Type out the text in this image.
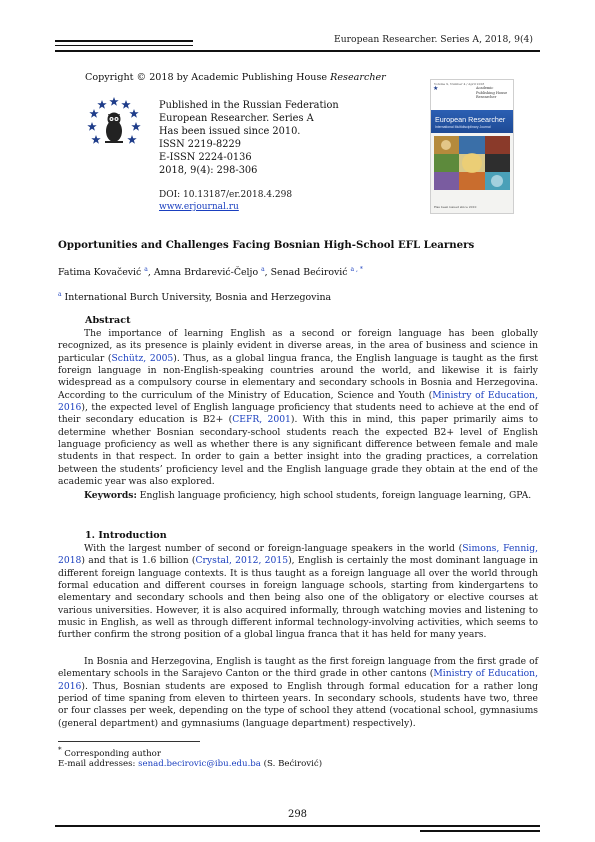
European Researcher. Series A, 2018, 9(4)
Copyright © 2018 by Academic Publishing House Researcher
Published in the Russian Federation
European Researcher. Series A
Has been issued since 2010.
ISSN 2219-8229
E-ISSN 2224-0136
2018, 9(4): 298-306
DOI: 10.13187/er.2018.4.298
www.erjournal.ru
Volume 9, Number 4 / April 2018
★	Academic Publishing House Researcher
European Researcher
International Multidisciplinary Journal
Has been issued since 2010
Opportunities and Challenges Facing Bosnian High-School EFL Learners
Fatima Kovačević $^a$, Amna Brdarević-Čeljo $^a$, Senad Bećirović $^{a , *}$
$^a$ International Burch University, Bosnia and Herzegovina
Abstract
The importance of learning English as a second or foreign language has been globally recognized, as its presence is plainly evident in diverse areas, in the area of business and science in particular (Schütz, 2005). Thus, as a global lingua franca, the English language is taught as the first foreign language in non-English-speaking countries around the world, and likewise it is fairly widespread as a compulsory course in elementary and secondary schools in Bosnia and Herzegovina. According to the curriculum of the Ministry of Education, Science and Youth (Ministry of Education, 2016), the expected level of English language proficiency that students need to achieve at the end of their secondary education is B2+ (CEFR, 2001). With this in mind, this paper primarily aims to determine whether Bosnian secondary-school students reach the expected B2+ level of English language proficiency as well as whether there is any significant difference between female and male students in that respect. In order to gain a better insight into the grading practices, a correlation between the students’ proficiency level and the English language grade they obtain at the end of the academic year was also explored.
Keywords: English language proficiency, high school students, foreign language learning, GPA.
1. Introduction
With the largest number of second or foreign-language speakers in the world (Simons, Fennig, 2018) and that is 1.6 billion (Crystal, 2012, 2015), English is certainly the most dominant language in different foreign language contexts. It is thus taught as a foreign language all over the world through formal education and different courses in foreign language schools, starting from kindergartens to elementary and secondary schools and then being also one of the obligatory or elective courses at various universities. However, it is also acquired informally, through watching movies and listening to music in English, as well as through different informal technology-involving activities, which seems to further confirm the strong position of a global lingua franca that it has held for many years.
In Bosnia and Herzegovina, English is taught as the first foreign language from the first grade of elementary schools in the Sarajevo Canton or the third grade in other cantons (Ministry of Education, 2016). Thus, Bosnian students are exposed to English through formal education for a rather long period of time spaning from eleven to thirteen years. In secondary schools, students have two, three or four classes per week, depending on the type of school they attend (vocational school, gymnasiums (general department) and gymnasiums (language department) respectively).
* Corresponding author
E-mail addresses: senad.becirovic@ibu.edu.ba (S. Bećirović)
298
